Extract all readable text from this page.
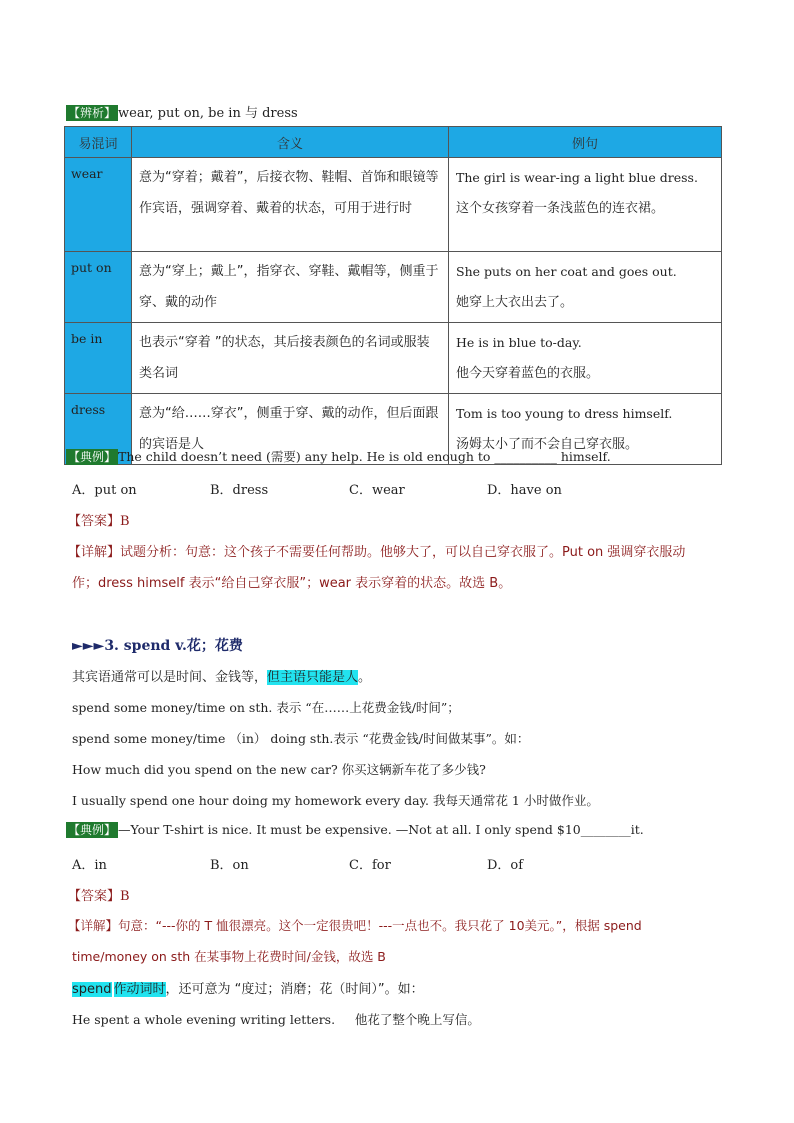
【辨析】 wear, put on, be in 与 dress
易混词	含义	例句
wear	意为“穿着；戴着”，后接衣物、鞋帽、首饰和眼镜等作宾语，强调穿着、戴着的状态，可用于进行时	The girl is wear-ing a light blue dress.
这个女孩穿着一条浅蓝色的连衣裙。

put on	意为“穿上；戴上”，指穿衣、穿鞋、戴帽等，侧重于穿、戴的动作	She puts on her coat and goes out.
她穿上大衣出去了。

be in	也表示“穿着 ”的状态，其后接表颜色的名词或服装类名词	He is in blue to-day.
他今天穿着蓝色的衣服。

dress	意为“给……穿衣”，侧重于穿、戴的动作，但后面跟的宾语是人	Tom is too young to dress himself.
汤姆太小了而不会自己穿衣服。
【典例】 The child doesn’t need (需要) any help. He is old enough to __________ himself.
A．put on	B．dress	C．wear	D．have on
【答案】B
【详解】试题分析：句意：这个孩子不需要任何帮助。他够大了，可以自己穿衣服了。Put on 强调穿衣服动
作；dress himself 表示“给自己穿衣服”；wear 表示穿着的状态。故选 B。
►►►3. spend v.花；花费
其宾语通常可以是时间、金钱等，但主语只能是人。
spend some money/time on sth. 表示 “在……上花费金钱/时间”；
spend some money/time （in） doing sth.表示 “花费金钱/时间做某事”。如：
How much did you spend on the new car? 你买这辆新车花了多少钱?
I usually spend one hour doing my homework every day. 我每天通常花 1 小时做作业。
【典例】 —Your T-shirt is nice. It must be expensive. —Not at all. I only spend $10________it.
A．in	B．on	C．for	D．of
【答案】B
【详解】句意：“---你的 T 恤很漂亮。这个一定很贵吧！---一点也不。我只花了 10美元。”，根据 spend
time/money on sth 在某事物上花费时间/金钱，故选 B
spend 作动词时，还可意为 “度过；消磨；花（时间）”。如：
He spent a whole evening writing letters.     他花了整个晚上写信。
